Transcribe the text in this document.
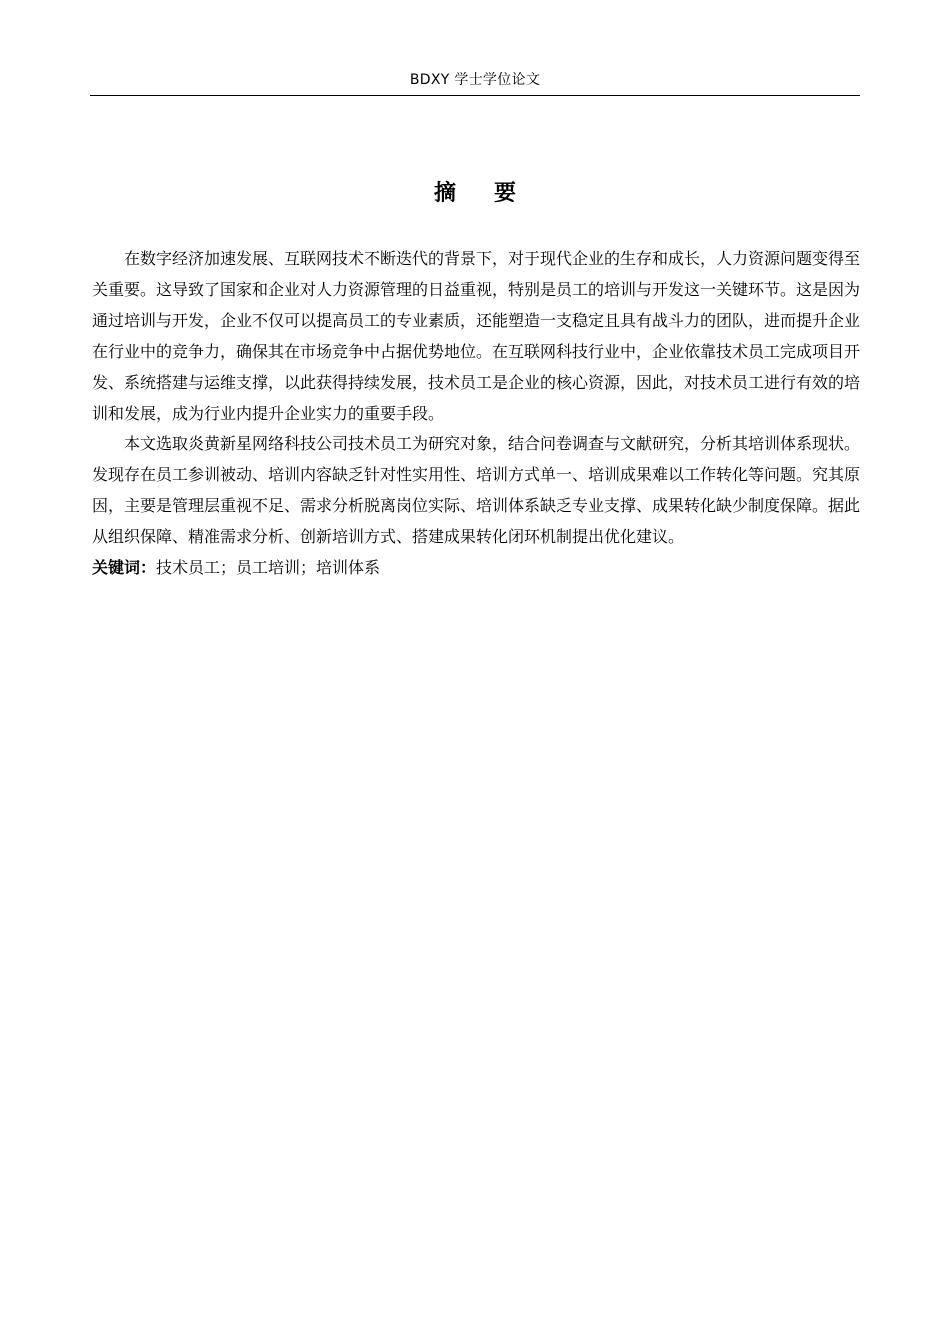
BDXY 学士学位论文
摘要

在数字经济加速发展、互联网技术不断迭代的背景下，对于现代企业的生存和成长，人力资源问题变得至关重要。这导致了国家和企业对人力资源管理的日益重视，特别是员工的培训与开发这一关键环节。这是因为通过培训与开发，企业不仅可以提高员工的专业素质，还能塑造一支稳定且具有战斗力的团队，进而提升企业在行业中的竞争力，确保其在市场竞争中占据优势地位。在互联网科技行业中，企业依靠技术员工完成项目开发、系统搭建与运维支撑，以此获得持续发展，技术员工是企业的核心资源，因此，对技术员工进行有效的培训和发展，成为行业内提升企业实力的重要手段。

本文选取炎黄新星网络科技公司技术员工为研究对象，结合问卷调查与文献研究，分析其培训体系现状。发现存在员工参训被动、培训内容缺乏针对性实用性、培训方式单一、培训成果难以工作转化等问题。究其原因，主要是管理层重视不足、需求分析脱离岗位实际、培训体系缺乏专业支撑、成果转化缺少制度保障。据此从组织保障、精准需求分析、创新培训方式、搭建成果转化闭环机制提出优化建议。

关键词：技术员工；员工培训；培训体系
